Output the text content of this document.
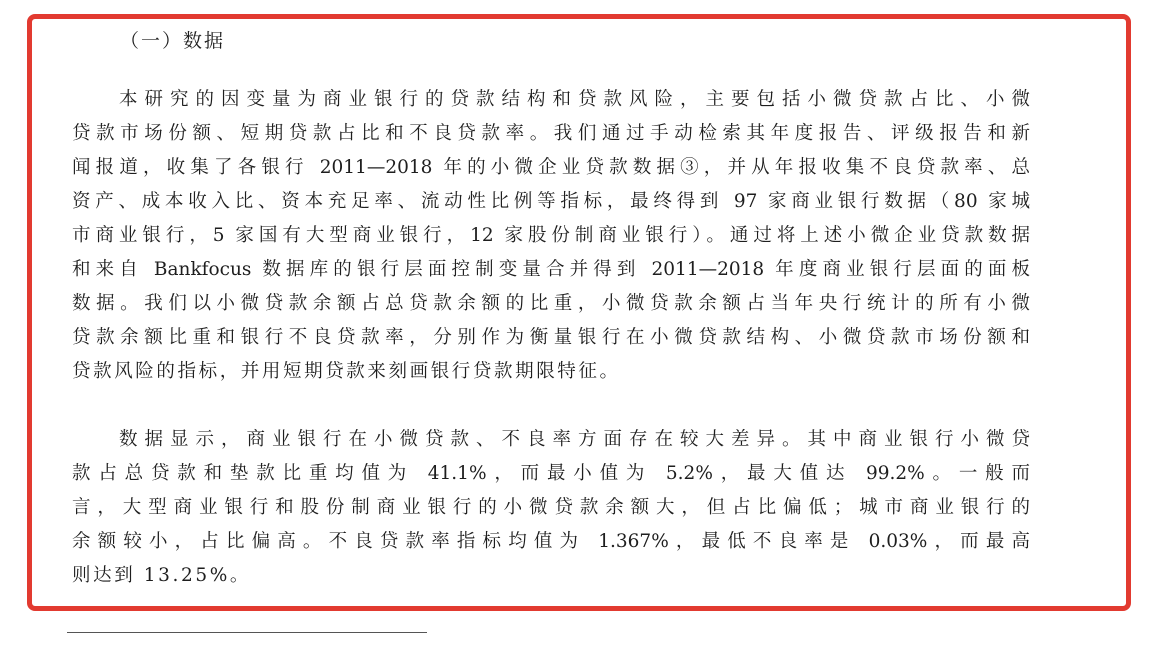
（一）数据
本研究的因变量为商业银行的贷款结构和贷款风险，主要包括小微贷款占比、小微
贷款市场份额、短期贷款占比和不良贷款率。我们通过手动检索其年度报告、评级报告和新
闻报道，收集了各银行 2011—2018 年的小微企业贷款数据③，并从年报收集不良贷款率、总
资产、成本收入比、资本充足率、流动性比例等指标，最终得到 97 家商业银行数据（80 家城
市商业银行，5 家国有大型商业银行，12 家股份制商业银行）。通过将上述小微企业贷款数据
和来自 Bankfocus 数据库的银行层面控制变量合并得到 2011—2018 年度商业银行层面的面板
数据。我们以小微贷款余额占总贷款余额的比重，小微贷款余额占当年央行统计的所有小微
贷款余额比重和银行不良贷款率，分别作为衡量银行在小微贷款结构、小微贷款市场份额和
贷款风险的指标，并用短期贷款来刻画银行贷款期限特征。
数据显示，商业银行在小微贷款、不良率方面存在较大差异。其中商业银行小微贷
款占总贷款和垫款比重均值为 41.1%，而最小值为 5.2%，最大值达 99.2%。一般而
言，大型商业银行和股份制商业银行的小微贷款余额大，但占比偏低；城市商业银行的
余额较小，占比偏高。不良贷款率指标均值为 1.367%，最低不良率是 0.03%，而最高
则达到 13.25%。
